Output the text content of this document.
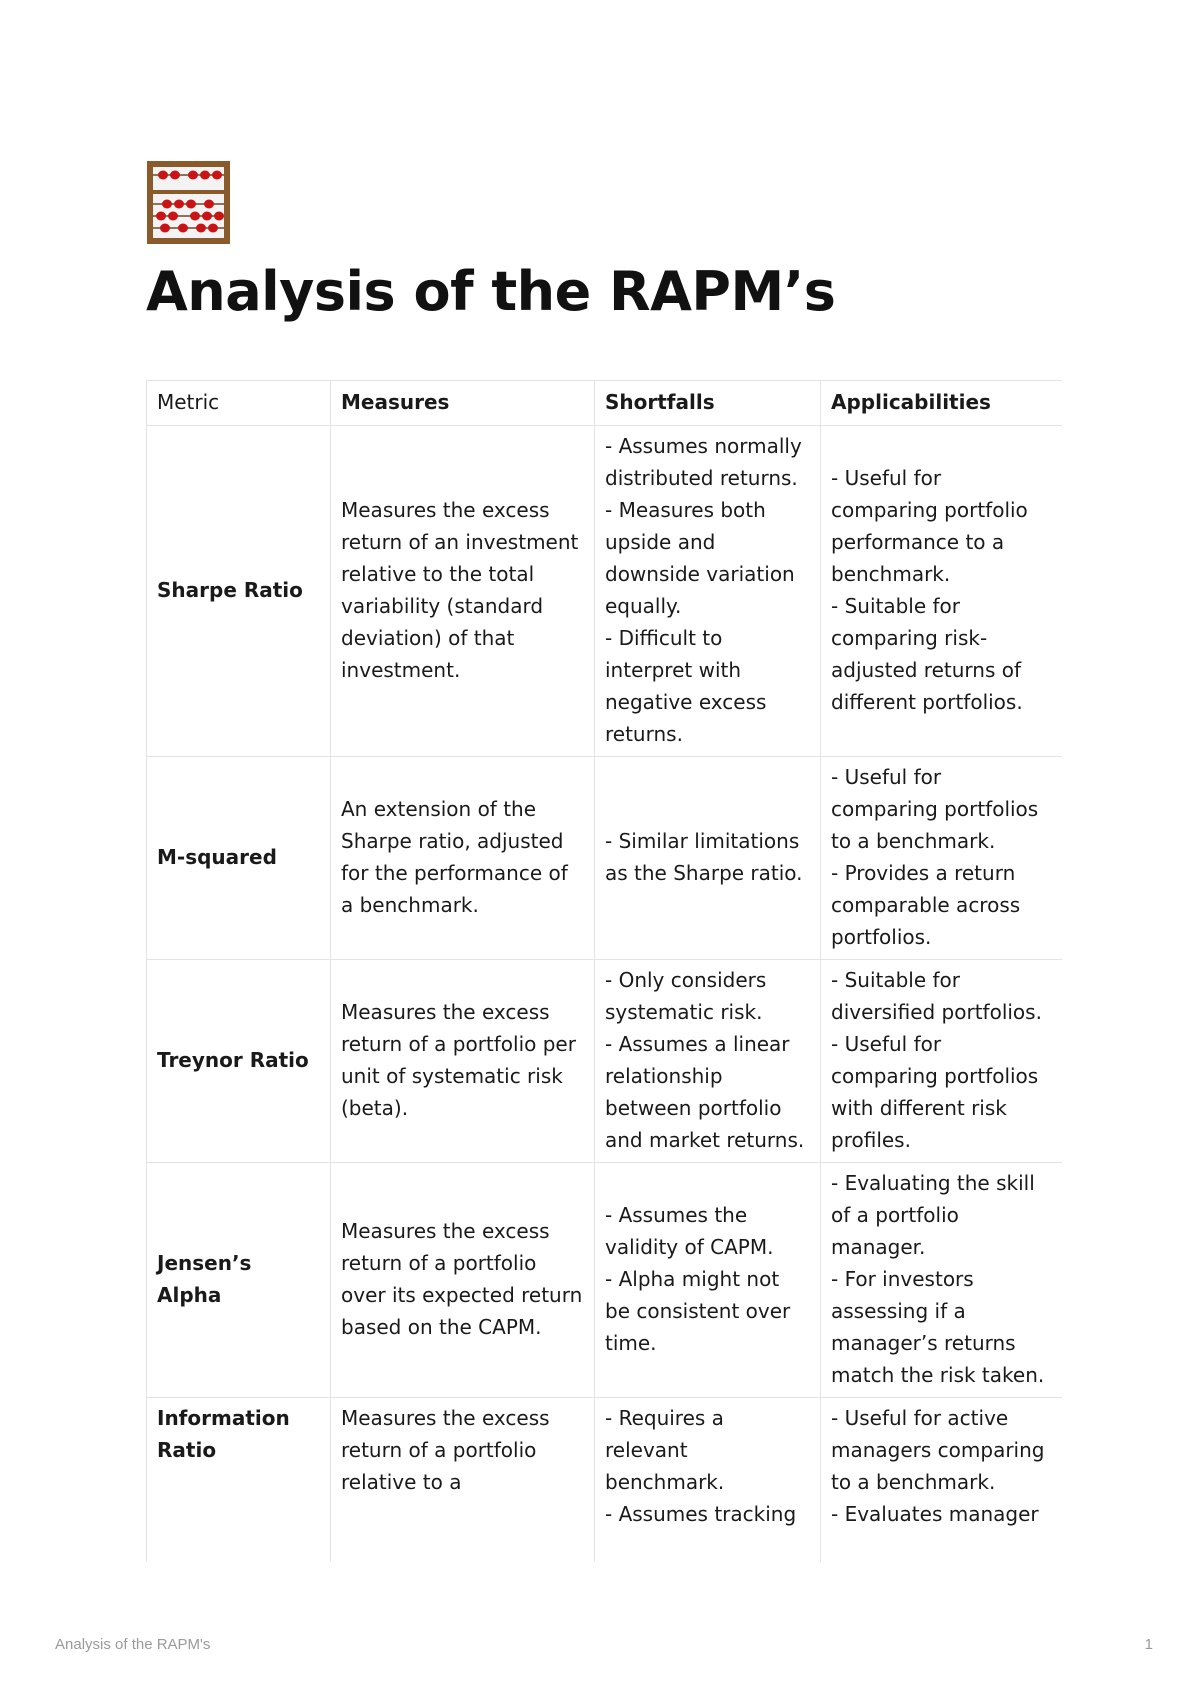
Analysis of the RAPM’s
Metric	Measures	Shortfalls	Applicabilities
Sharpe Ratio	Measures the excess return of an investment relative to the total variability (standard deviation) of that investment.	- Assumes normally distributed returns.
- Measures both upside and downside variation equally.
- Difficult to interpret with negative excess returns.	- Useful for comparing portfolio performance to a benchmark.
- Suitable for comparing risk-adjusted returns of different portfolios.
M-squared	An extension of the Sharpe ratio, adjusted for the performance of a benchmark.	- Similar limitations as the Sharpe ratio.	- Useful for comparing portfolios to a benchmark.
- Provides a return comparable across portfolios.
Treynor Ratio	Measures the excess return of a portfolio per unit of systematic risk (beta).	- Only considers systematic risk.
- Assumes a linear relationship between portfolio and market returns.	- Suitable for diversified portfolios.
- Useful for comparing portfolios with different risk profiles.
Jensen’s Alpha	Measures the excess return of a portfolio over its expected return based on the CAPM.	- Assumes the validity of CAPM.
- Alpha might not be consistent over time.	- Evaluating the skill of a portfolio manager.
- For investors assessing if a manager’s returns match the risk taken.
Information Ratio	Measures the excess return of a portfolio relative to a	- Requires a relevant benchmark.
- Assumes tracking	- Useful for active managers comparing to a benchmark.
- Evaluates manager
Analysis of the RAPM's	1
